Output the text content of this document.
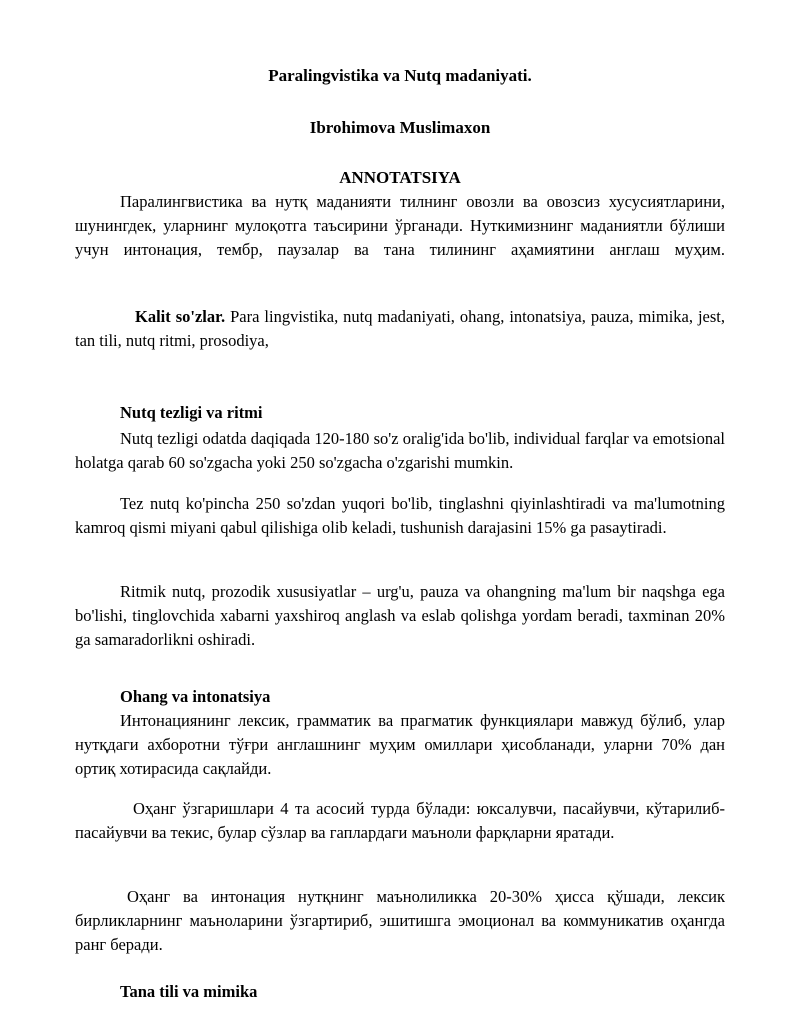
Paralingvistika va Nutq madaniyati.
Ibrohimova Muslimaxon
ANNOTATSIYA
Паралингвистика ва нутқ маданияти тилнинг овозли ва овозсиз хусусиятларини, шунингдек, уларнинг мулоқотга таъсирини ўрганади. Нуткимизнинг маданиятли бўлиши учун интонация, тембр, паузалар ва тана тилининг аҳамиятини англаш муҳим.
Kalit so'zlar. Para lingvistika, nutq madaniyati, ohang, intonatsiya, pauza, mimika, jest, tan tili, nutq ritmi, prosodiya,
Nutq tezligi va ritmi
Nutq tezligi odatda daqiqada 120-180 so'z oralig'ida bo'lib, individual farqlar va emotsional holatga qarab 60 so'zgacha yoki 250 so'zgacha o'zgarishi mumkin.
Tez nutq ko'pincha 250 so'zdan yuqori bo'lib, tinglashni qiyinlashtiradi va ma'lumotning kamroq qismi miyani qabul qilishiga olib keladi, tushunish darajasini 15% ga pasaytiradi.
Ritmik nutq, prozodik xususiyatlar – urg'u, pauza va ohangning ma'lum bir naqshga ega bo'lishi, tinglovchida xabarni yaxshiroq anglash va eslab qolishga yordam beradi, taxminan 20% ga samaradorlikni oshiradi.
Ohang va intonatsiya
Интонациянинг лексик, грамматик ва прагматик функциялари мавжуд бўлиб, улар нутқдаги ахборотни тўғри англашнинг муҳим омиллари ҳисобланади, уларни 70% дан ортиқ хотирасида сақлайди.
Оҳанг ўзгаришлари 4 та асосий турда бўлади: юксалувчи, пасайувчи, кўтарилиб-пасайувчи ва текис, булар сўзлар ва гаплардаги маъноли фарқларни яратади.
Оҳанг ва интонация нутқнинг маънолиликка 20-30% ҳисса қўшади, лексик бирликларнинг маъноларини ўзгартириб, эшитишга эмоционал ва коммуникатив оҳангда ранг беради.
Tana tili va mimika
